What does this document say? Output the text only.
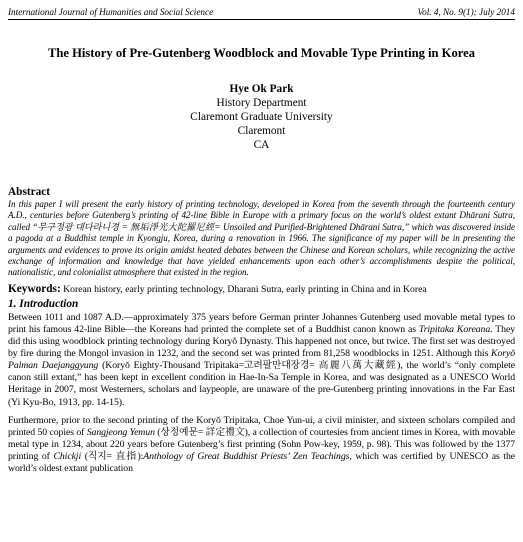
International Journal of Humanities and Social Science	Vol. 4, No. 9(1); July 2014
The History of Pre-Gutenberg Woodblock and Movable Type Printing in Korea
Hye Ok Park
History Department
Claremont Graduate University
Claremont
CA
Abstract
In this paper I will present the early history of printing technology, developed in Korea from the seventh through the fourteenth century A.D., centuries before Gutenberg’s printing of 42-line Bible in Europe with a primary focus on the world’s oldest extant Dhārani Sutra, called “무구정광 대다라니경 = 無垢淨光大陀羅尼經= Unsoiled and Purified-Brightened Dhārani Sutra,” which was discovered inside a pagoda at a Buddhist temple in Kyongju, Korea, during a renovation in 1966. The significance of my paper will be in presenting the arguments and evidences to prove its origin amidst heated debates between the Chinese and Korean scholars, while recognizing the active exchange of information and knowledge that have yielded enhancements upon each other’s accomplishments despite the political, nationalistic, and colonialist atmosphere that existed in the region.
Keywords: Korean history, early printing technology, Dharani Sutra, early printing in China and in Korea
1. Introduction
Between 1011 and 1087 A.D.—approximately 375 years before German printer Johannes Gutenberg used movable metal types to print his famous 42-line Bible—the Koreans had printed the complete set of a Buddhist canon known as Tripitaka Koreana. They did this using woodblock printing technology during Koryŏ Dynasty. This happened not once, but twice. The first set was destroyed by fire during the Mongol invasion in 1232, and the second set was printed from 81,258 woodblocks in 1251. Although this Koryŏ Palman Daejanggyung (Koryŏ Eighty-Thousand Tripitaka=고려팔만대장경= 高麗八萬大藏經), the world’s “only complete canon still extant,” has been kept in excellent condition in Hae-In-Sa Temple in Korea, and was designated as a UNESCO World Heritage in 2007, most Westerners, scholars and laypeople, are unaware of the pre-Gutenberg printing innovations in the Far East (Yi Kyu-Bo, 1913, pp. 14-15).
Furthermore, prior to the second printing of the Koryŏ Tripitaka, Choe Yun-ui, a civil minister, and sixteen scholars compiled and printed 50 copies of Sangjeong Yemun (상정예문= 詳定禮文), a collection of courtesies from ancient times in Korea, with movable metal type in 1234, about 220 years before Gutenberg’s first printing (Sohn Pow-key, 1959, p. 98). This was followed by the 1377 printing of Chickji (직지= 直指):Anthology of Great Buddhist Priests’ Zen Teachings, which was certified by UNESCO as the world’s oldest extant publication
